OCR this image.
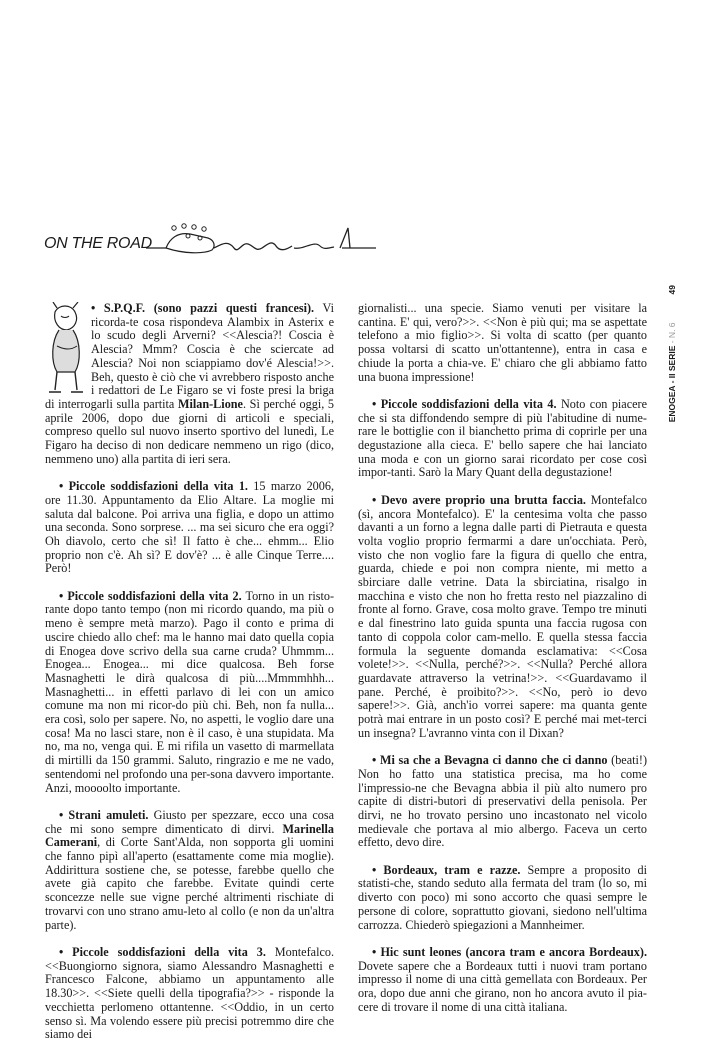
ON THE ROAD

• S.P.Q.F. (sono pazzi questi francesi). Vi ricorda-te cosa rispondeva Alambix in Asterix e lo scudo degli Arverni? <<Alescia?! Coscia è Alescia? Mmm? Coscia è che sciercate ad Alescia? Noi non sciappiamo dov'é Alescia!>>. Beh, questo è ciò che vi avrebbero risposto anche i redattori de Le Figaro se vi foste presi la briga di interrogarli sulla partita Milan-Lione. Sì perché oggi, 5 aprile 2006, dopo due giorni di articoli e speciali, compreso quello sul nuovo inserto sportivo del lunedì, Le Figaro ha deciso di non dedicare nemmeno un rigo (dico, nemmeno uno) alla partita di ieri sera.

• Piccole soddisfazioni della vita 1. 15 marzo 2006, ore 11.30. Appuntamento da Elio Altare. La moglie mi saluta dal balcone. Poi arriva una figlia, e dopo un attimo una seconda. Sono sorprese. ... ma sei sicuro che era oggi? Oh diavolo, certo che sì! Il fatto è che... ehmm... Elio proprio non c'è. Ah sì? E dov'è? ... è alle Cinque Terre.... Però!

• Piccole soddisfazioni della vita 2. Torno in un risto-rante dopo tanto tempo (non mi ricordo quando, ma più o meno è sempre metà marzo). Pago il conto e prima di uscire chiedo allo chef: ma le hanno mai dato quella copia di Enogea dove scrivo della sua carne cruda? Uhmmm... Enogea... Enogea... mi dice qualcosa. Beh forse Masnaghetti le dirà qualcosa di più....Mmmmhhh... Masnaghetti... in effetti parlavo di lei con un amico comune ma non mi ricor-do più chi. Beh, non fa nulla... era così, solo per sapere. No, no aspetti, le voglio dare una cosa! Ma no lasci stare, non è il caso, è una stupidata. Ma no, ma no, venga qui. E mi rifila un vasetto di marmellata di mirtilli da 150 grammi. Saluto, ringrazio e me ne vado, sentendomi nel profondo una per-sona davvero importante. Anzi, moooolto importante.

• Strani amuleti. Giusto per spezzare, ecco una cosa che mi sono sempre dimenticato di dirvi. Marinella Camerani, di Corte Sant'Alda, non sopporta gli uomini che fanno pipì all'aperto (esattamente come mia moglie). Addirittura sostiene che, se potesse, farebbe quello che avete già capito che farebbe. Evitate quindi certe sconcezze nelle sue vigne perché altrimenti rischiate di trovarvi con uno strano amu-leto al collo (e non da un'altra parte).

• Piccole soddisfazioni della vita 3. Montefalco. <<Buongiorno signora, siamo Alessandro Masnaghetti e Francesco Falcone, abbiamo un appuntamento alle 18.30>>. <<Siete quelli della tipografia?>> - risponde la vecchietta perlomeno ottantenne. <<Oddio, in un certo senso sì. Ma volendo essere più precisi potremmo dire che siamo dei

giornalisti... una specie. Siamo venuti per visitare la cantina. E' qui, vero?>>. <<Non è più qui; ma se aspettate telefono a mio figlio>>. Si volta di scatto (per quanto possa voltarsi di scatto un'ottantenne), entra in casa e chiude la porta a chia-ve. E' chiaro che gli abbiamo fatto una buona impressione!

• Piccole soddisfazioni della vita 4. Noto con piacere che si sta diffondendo sempre di più l'abitudine di nume-rare le bottiglie con il bianchetto prima di coprirle per una degustazione alla cieca. E' bello sapere che hai lanciato una moda e con un giorno sarai ricordato per cose così impor-tanti. Sarò la Mary Quant della degustazione!

• Devo avere proprio una brutta faccia. Montefalco (sì, ancora Montefalco). E' la centesima volta che passo davanti a un forno a legna dalle parti di Pietrauta e questa volta voglio proprio fermarmi a dare un'occhiata. Però, visto che non voglio fare la figura di quello che entra, guarda, chiede e poi non compra niente, mi metto a sbirciare dalle vetrine. Data la sbirciatina, risalgo in macchina e visto che non ho fretta resto nel piazzalino di fronte al forno. Grave, cosa molto grave. Tempo tre minuti e dal finestrino lato guida spunta una faccia rugosa con tanto di coppola color cam-mello. E quella stessa faccia formula la seguente domanda esclamativa: <<Cosa volete!>>. <<Nulla, perché?>>. <<Nulla? Perché allora guardavate attraverso la vetrina!>>. <<Guardavamo il pane. Perché, è proibito?>>. <<No, però io devo sapere!>>. Già, anch'io vorrei sapere: ma quanta gente potrà mai entrare in un posto così? E perché mai met-terci un insegna? L'avranno vinta con il Dixan?

• Mi sa che a Bevagna ci danno che ci danno (beati!) Non ho fatto una statistica precisa, ma ho come l'impressio-ne che Bevagna abbia il più alto numero pro capite di distri-butori di preservativi della penisola. Per dirvi, ne ho trovato persino uno incastonato nel vicolo medievale che portava al mio albergo. Faceva un certo effetto, devo dire.

• Bordeaux, tram e razze. Sempre a proposito di statisti-che, stando seduto alla fermata del tram (lo so, mi diverto con poco) mi sono accorto che quasi sempre le persone di colore, soprattutto giovani, siedono nell'ultima carrozza. Chiederò spiegazioni a Mannheimer.

• Hic sunt leones (ancora tram e ancora Bordeaux). Dovete sapere che a Bordeaux tutti i nuovi tram portano impresso il nome di una città gemellata con Bordeaux. Per ora, dopo due anni che girano, non ho ancora avuto il pia-cere di trovare il nome di una città italiana.

ENOGEA - II SERIE - N. 649
